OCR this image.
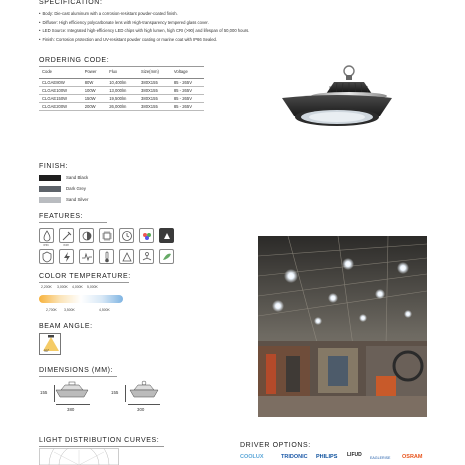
SPECIFICATION:
• Body: Die-cast aluminum with a corrosion-resistant powder-coated finish.
• Diffuser: High efficiency polycarbonate lens with High-transparency tempered glass cover.
• LED Source: Integrated high-efficiency LED chips with high lumen, high CRI (>90) and lifespan of 50,000 hours.
• Finish: Corrosion protection and UV-resistant powder coating or marine coat with IP66 Sealed.
ORDERING CODE:
Code	Power	Flux	Size(mm)	Voltage
CLGAE80W	80W	10,400lm	380X155	85 - 265V
CLGAE100W	100W	13,000lm	380X155	85 - 265V
CLGAE150W	150W	19,500lm	380X155	85 - 265V
CLGAE200W	200W	26,000lm	380X155	85 - 265V
FINISH:
Sand Black
Dark Grey
Sand Silver
FEATURES:
IP66	IK08
COLOR TEMPERATURE:
2,200K 3,000K 4,000K 5,000K
2,700K 3,500K	4,500K
BEAM ANGLE:
90°
DIMENSIONS (MM):
155
380
155
300
LIGHT DISTRIBUTION CURVES:
DRIVER OPTIONS:
COOLUX	TRIDONIC PHILIPS LIFUD EAGLERISE OSRAM
